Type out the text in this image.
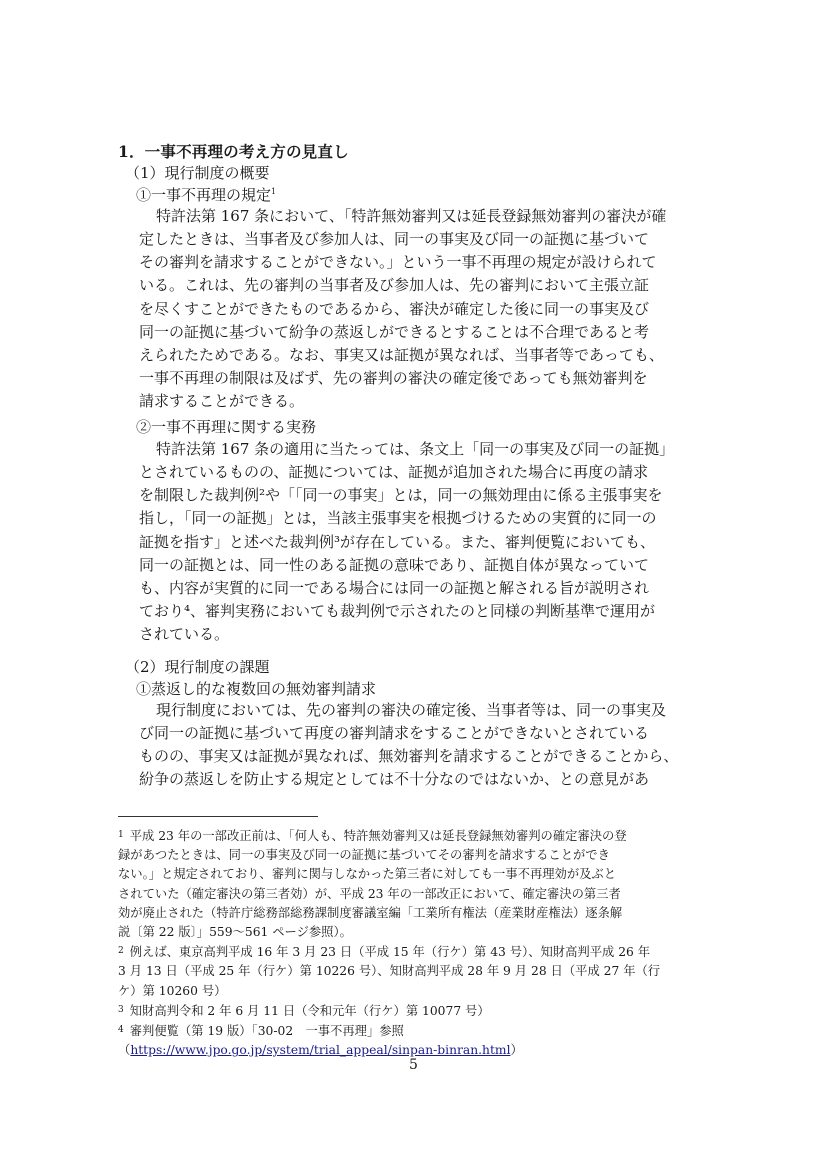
1．一事不再理の考え方の見直し
（1）現行制度の概要
①一事不再理の規定$^1$
特許法第 167 条において、「特許無効審判又は延長登録無効審判の審決が確
定したときは、当事者及び参加人は、同一の事実及び同一の証拠に基づいて
その審判を請求することができない。」という一事不再理の規定が設けられて
いる。これは、先の審判の当事者及び参加人は、先の審判において主張立証
を尽くすことができたものであるから、審決が確定した後に同一の事実及び
同一の証拠に基づいて紛争の蒸返しができるとすることは不合理であると考
えられたためである。なお、事実又は証拠が異なれば、当事者等であっても、
一事不再理の制限は及ばず、先の審判の審決の確定後であっても無効審判を
請求することができる。
②一事不再理に関する実務
特許法第 167 条の適用に当たっては、条文上「同一の事実及び同一の証拠」
とされているものの、証拠については、証拠が追加された場合に再度の請求
を制限した裁判例²や「「同一の事実」とは，同一の無効理由に係る主張事実を
指し，「同一の証拠」とは，当該主張事実を根拠づけるための実質的に同一の
証拠を指す」と述べた裁判例³が存在している。また、審判便覧においても、
同一の証拠とは、同一性のある証拠の意味であり、証拠自体が異なっていて
も、内容が実質的に同一である場合には同一の証拠と解される旨が説明され
ており⁴、審判実務においても裁判例で示されたのと同様の判断基準で運用が
されている。
（2）現行制度の課題
①蒸返し的な複数回の無効審判請求
現行制度においては、先の審判の審決の確定後、当事者等は、同一の事実及
び同一の証拠に基づいて再度の審判請求をすることができないとされている
ものの、事実又は証拠が異なれば、無効審判を請求することができることから、
紛争の蒸返しを防止する規定としては不十分なのではないか、との意見があ
$^1$ 平成 23 年の一部改正前は、「何人も、特許無効審判又は延長登録無効審判の確定審決の登
録があつたときは、同一の事実及び同一の証拠に基づいてその審判を請求することができ
ない。」と規定されており、審判に関与しなかった第三者に対しても一事不再理効が及ぶと
されていた（確定審決の第三者効）が、平成 23 年の一部改正において、確定審決の第三者
効が廃止された（特許庁総務部総務課制度審議室編「工業所有権法（産業財産権法）逐条解
説〔第 22 版〕」559〜561 ページ参照）。
$^2$ 例えば、東京高判平成 16 年 3 月 23 日（平成 15 年（行ケ）第 43 号）、知財高判平成 26 年
3 月 13 日（平成 25 年（行ケ）第 10226 号）、知財高判平成 28 年 9 月 28 日（平成 27 年（行
ケ）第 10260 号）
$^3$ 知財高判令和 2 年 6 月 11 日（令和元年（行ケ）第 10077 号）
$^4$ 審判便覧（第 19 版）「30-02　一事不再理」参照
（https://www.jpo.go.jp/system/trial_appeal/sinpan-binran.html）
5
